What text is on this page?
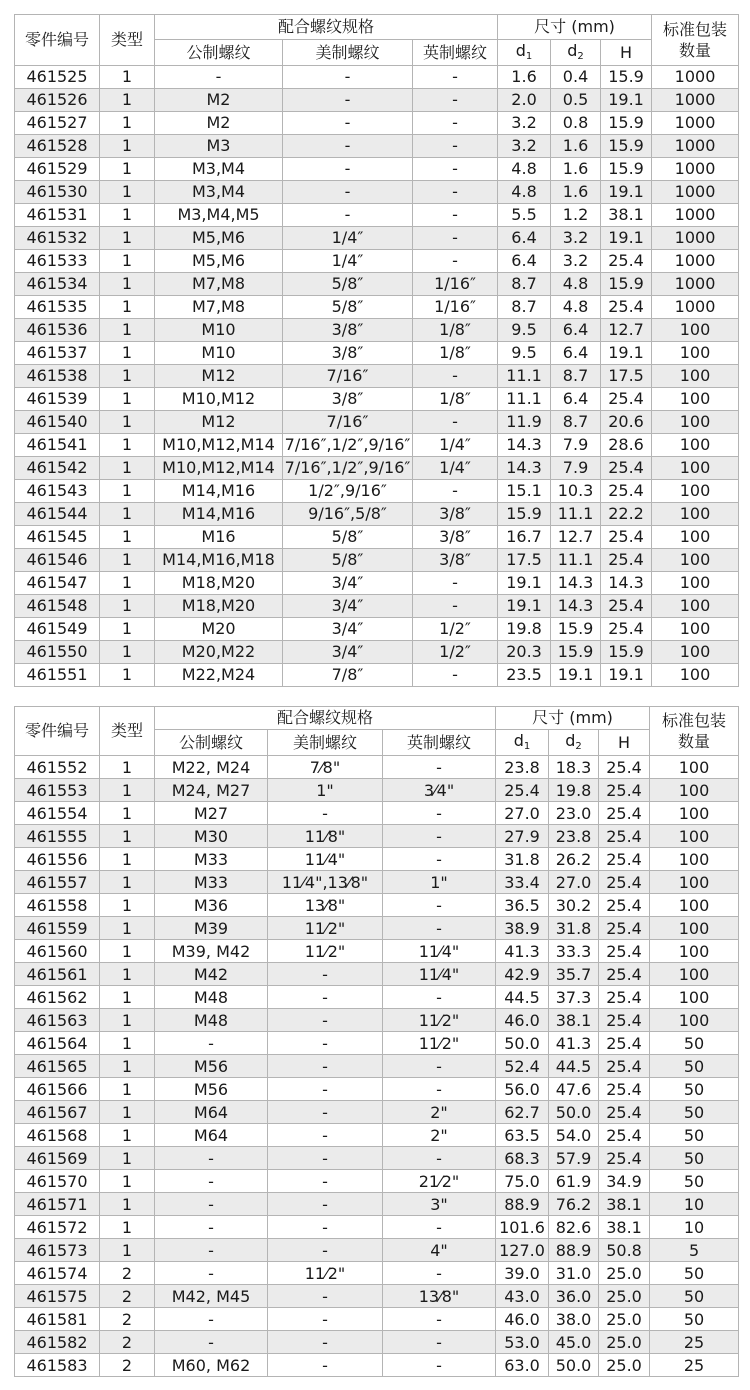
零件编号	类型	配合螺纹规格			尺寸 (mm)			标准包装
数量
		公制螺纹	美制螺纹	英制螺纹	d1	d2	H	
461525	1	-	-	-	1.6	0.4	15.9	1000
461526	1	M2	-	-	2.0	0.5	19.1	1000
461527	1	M2	-	-	3.2	0.8	15.9	1000
461528	1	M3	-	-	3.2	1.6	15.9	1000
461529	1	M3,M4	-	-	4.8	1.6	15.9	1000
461530	1	M3,M4	-	-	4.8	1.6	19.1	1000
461531	1	M3,M4,M5	-	-	5.5	1.2	38.1	1000
461532	1	M5,M6	1/4″	-	6.4	3.2	19.1	1000
461533	1	M5,M6	1/4″	-	6.4	3.2	25.4	1000
461534	1	M7,M8	5/8″	1/16″	8.7	4.8	15.9	1000
461535	1	M7,M8	5/8″	1/16″	8.7	4.8	25.4	1000
461536	1	M10	3/8″	1/8″	9.5	6.4	12.7	100
461537	1	M10	3/8″	1/8″	9.5	6.4	19.1	100
461538	1	M12	7/16″	-	11.1	8.7	17.5	100
461539	1	M10,M12	3/8″	1/8″	11.1	6.4	25.4	100
461540	1	M12	7/16″	-	11.9	8.7	20.6	100
461541	1	M10,M12,M14	7/16″,1/2″,9/16″	1/4″	14.3	7.9	28.6	100
461542	1	M10,M12,M14	7/16″,1/2″,9/16″	1/4″	14.3	7.9	25.4	100
461543	1	M14,M16	1/2″,9/16″	-	15.1	10.3	25.4	100
461544	1	M14,M16	9/16″,5/8″	3/8″	15.9	11.1	22.2	100
461545	1	M16	5/8″	3/8″	16.7	12.7	25.4	100
461546	1	M14,M16,M18	5/8″	3/8″	17.5	11.1	25.4	100
461547	1	M18,M20	3/4″	-	19.1	14.3	14.3	100
461548	1	M18,M20	3/4″	-	19.1	14.3	25.4	100
461549	1	M20	3/4″	1/2″	19.8	15.9	25.4	100
461550	1	M20,M22	3/4″	1/2″	20.3	15.9	15.9	100
461551	1	M22,M24	7/8″	-	23.5	19.1	19.1	100
零件编号	类型	配合螺纹规格			尺寸 (mm)			标准包装
数量
		公制螺纹	美制螺纹	英制螺纹	d1	d2	H	
461552	1	M22, M24	7⁄8"	-	23.8	18.3	25.4	100
461553	1	M24, M27	1"	3⁄4"	25.4	19.8	25.4	100
461554	1	M27	-	-	27.0	23.0	25.4	100
461555	1	M30	11⁄8"	-	27.9	23.8	25.4	100
461556	1	M33	11⁄4"	-	31.8	26.2	25.4	100
461557	1	M33	11⁄4",13⁄8"	1"	33.4	27.0	25.4	100
461558	1	M36	13⁄8"	-	36.5	30.2	25.4	100
461559	1	M39	11⁄2"	-	38.9	31.8	25.4	100
461560	1	M39, M42	11⁄2"	11⁄4"	41.3	33.3	25.4	100
461561	1	M42	-	11⁄4"	42.9	35.7	25.4	100
461562	1	M48	-	-	44.5	37.3	25.4	100
461563	1	M48	-	11⁄2"	46.0	38.1	25.4	100
461564	1	-	-	11⁄2"	50.0	41.3	25.4	50
461565	1	M56	-	-	52.4	44.5	25.4	50
461566	1	M56	-	-	56.0	47.6	25.4	50
461567	1	M64	-	2"	62.7	50.0	25.4	50
461568	1	M64	-	2"	63.5	54.0	25.4	50
461569	1	-	-	-	68.3	57.9	25.4	50
461570	1	-	-	21⁄2"	75.0	61.9	34.9	50
461571	1	-	-	3"	88.9	76.2	38.1	10
461572	1	-	-	-	101.6	82.6	38.1	10
461573	1	-	-	4"	127.0	88.9	50.8	5
461574	2	-	11⁄2"	-	39.0	31.0	25.0	50
461575	2	M42, M45	-	13⁄8"	43.0	36.0	25.0	50
461581	2	-	-	-	46.0	38.0	25.0	50
461582	2	-	-	-	53.0	45.0	25.0	25
461583	2	M60, M62	-	-	63.0	50.0	25.0	25
